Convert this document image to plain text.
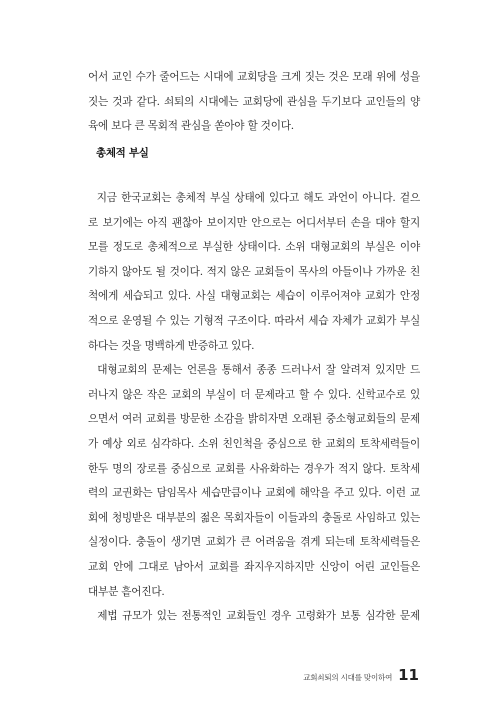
어서 교인 수가 줄어드는 시대에 교회당을 크게 짓는 것은 모래 위에 성을
짓는 것과 같다. 쇠퇴의 시대에는 교회당에 관심을 두기보다 교인들의 양
육에 보다 큰 목회적 관심을 쏟아야 할 것이다.
총체적 부실
지금 한국교회는 총체적 부실 상태에 있다고 해도 과언이 아니다. 겉으
로 보기에는 아직 괜찮아 보이지만 안으로는 어디서부터 손을 대야 할지
모를 정도로 총체적으로 부실한 상태이다. 소위 대형교회의 부실은 이야
기하지 않아도 될 것이다. 적지 않은 교회들이 목사의 아들이나 가까운 친
척에게 세습되고 있다. 사실 대형교회는 세습이 이루어져야 교회가 안정
적으로 운영될 수 있는 기형적 구조이다. 따라서 세습 자체가 교회가 부실
하다는 것을 명백하게 반증하고 있다.
대형교회의 문제는 언론을 통해서 종종 드러나서 잘 알려져 있지만 드
러나지 않은 작은 교회의 부실이 더 문제라고 할 수 있다. 신학교수로 있
으면서 여러 교회를 방문한 소감을 밝히자면 오래된 중소형교회들의 문제
가 예상 외로 심각하다. 소위 친인척을 중심으로 한 교회의 토착세력들이
한두 명의 장로를 중심으로 교회를 사유화하는 경우가 적지 않다. 토착세
력의 교권화는 담임목사 세습만큼이나 교회에 해악을 주고 있다. 이런 교
회에 청빙받은 대부분의 젊은 목회자들이 이들과의 충돌로 사임하고 있는
실정이다. 충돌이 생기면 교회가 큰 어려움을 겪게 되는데 토착세력들은
교회 안에 그대로 남아서 교회를 좌지우지하지만 신앙이 어린 교인들은
대부분 흩어진다.
제법 규모가 있는 전통적인 교회들인 경우 고령화가 보통 심각한 문제
교회쇠퇴의 시대를 맞이하여 11
